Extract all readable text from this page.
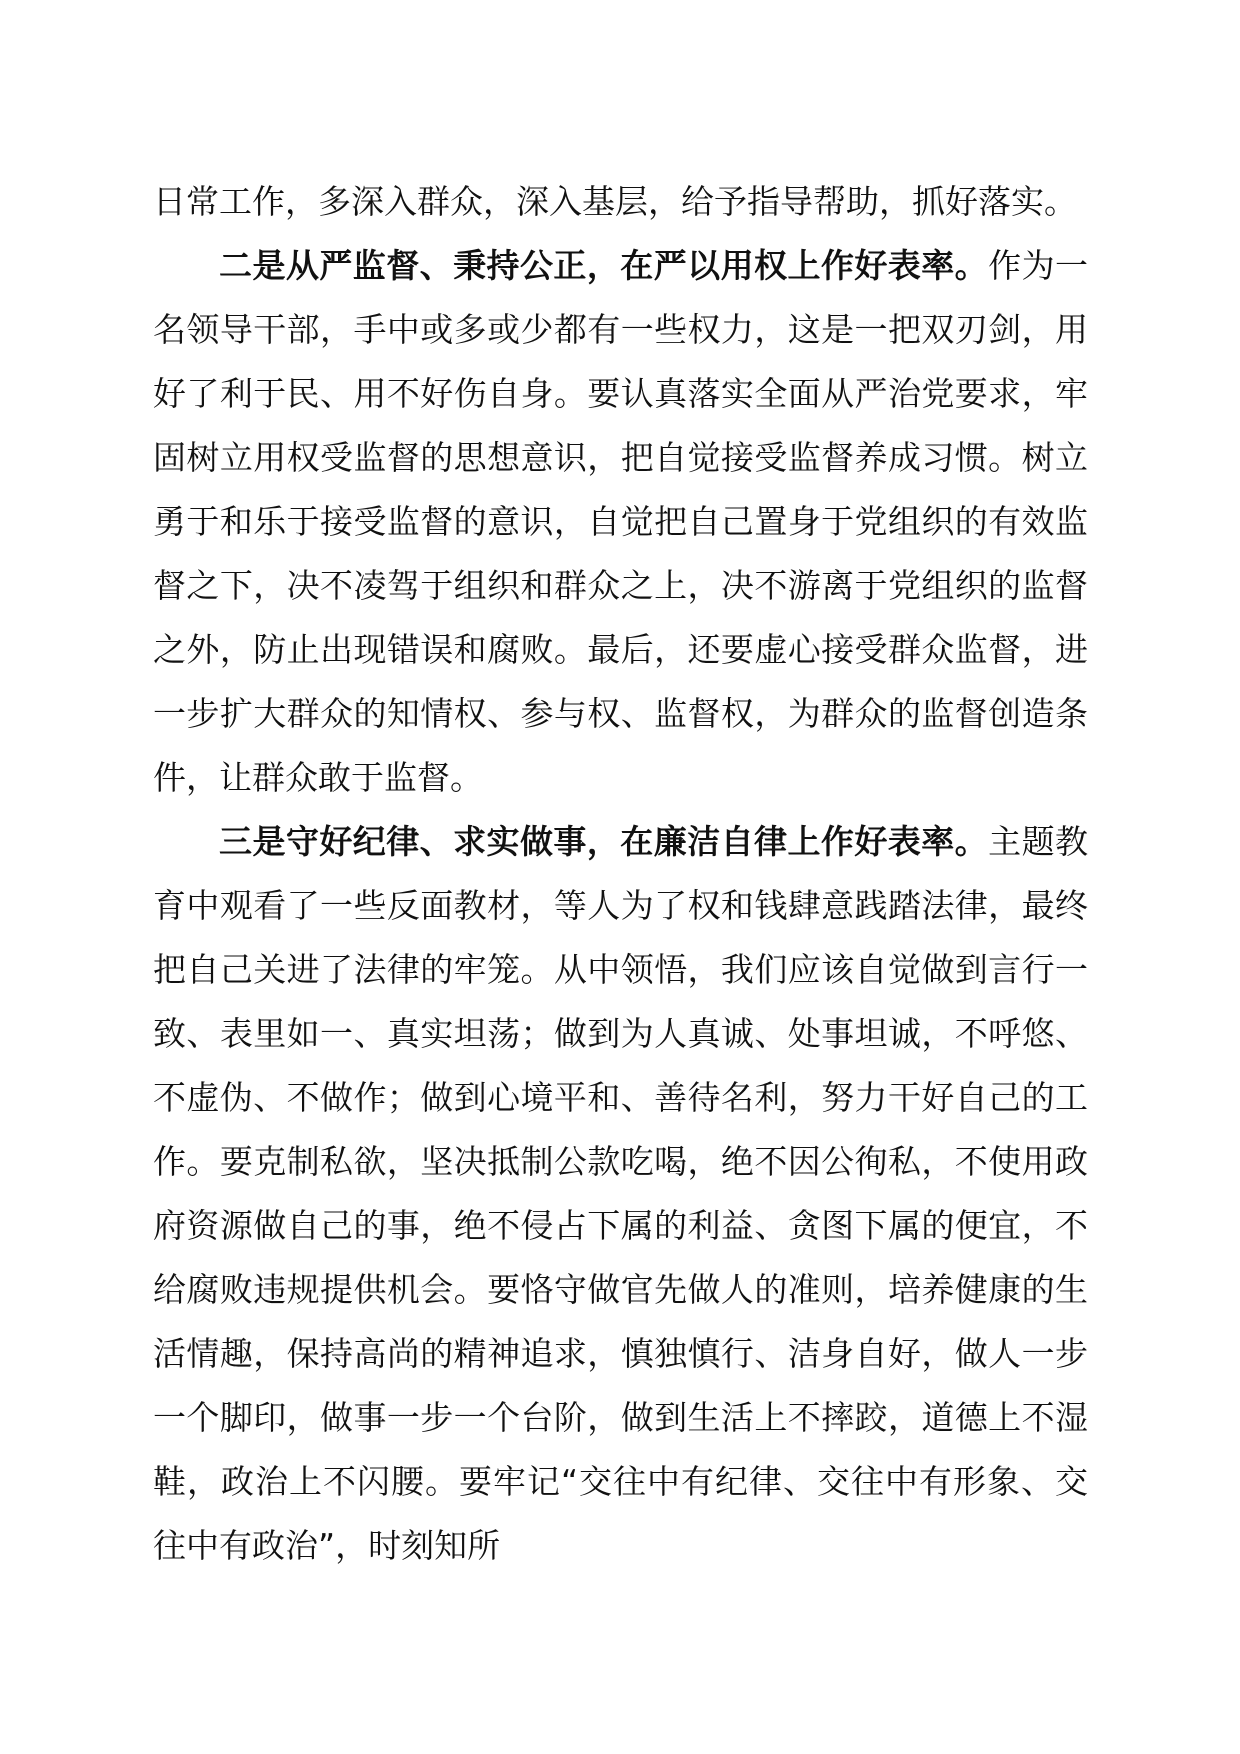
日常工作，多深入群众，深入基层，给予指导帮助，抓好落实。

二是从严监督、秉持公正，在严以用权上作好表率。作为一名领导干部，手中或多或少都有一些权力，这是一把双刃剑，用好了利于民、用不好伤自身。要认真落实全面从严治党要求，牢固树立用权受监督的思想意识，把自觉接受监督养成习惯。树立勇于和乐于接受监督的意识，自觉把自己置身于党组织的有效监督之下，决不凌驾于组织和群众之上，决不游离于党组织的监督之外，防止出现错误和腐败。最后，还要虚心接受群众监督，进一步扩大群众的知情权、参与权、监督权，为群众的监督创造条件，让群众敢于监督。

三是守好纪律、求实做事，在廉洁自律上作好表率。主题教育中观看了一些反面教材，等人为了权和钱肆意践踏法律，最终把自己关进了法律的牢笼。从中领悟，我们应该自觉做到言行一致、表里如一、真实坦荡；做到为人真诚、处事坦诚，不呼悠、不虚伪、不做作；做到心境平和、善待名利，努力干好自己的工作。要克制私欲，坚决抵制公款吃喝，绝不因公徇私，不使用政府资源做自己的事，绝不侵占下属的利益、贪图下属的便宜，不给腐败违规提供机会。要恪守做官先做人的准则，培养健康的生活情趣，保持高尚的精神追求，慎独慎行、洁身自好，做人一步一个脚印，做事一步一个台阶，做到生活上不摔跤，道德上不湿鞋，政治上不闪腰。要牢记“交往中有纪律、交往中有形象、交往中有政治”，时刻知所
